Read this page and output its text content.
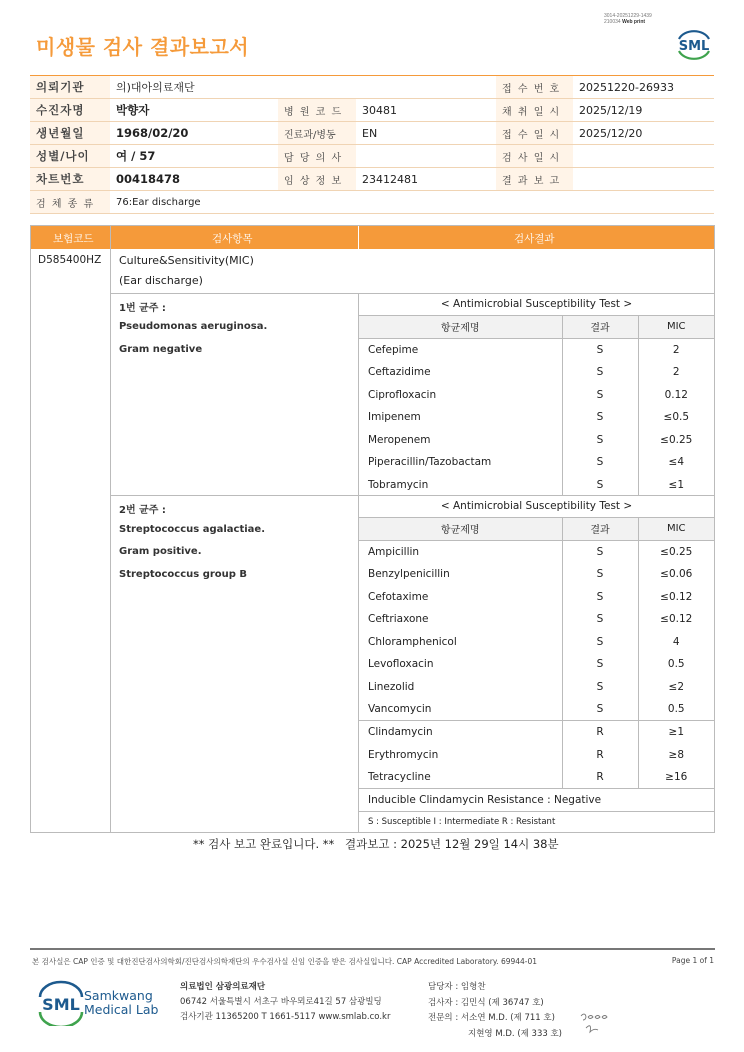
3014-20251229-1439
210034 Web print
SML
미생물 검사 결과보고서
의뢰기관	의)대아의료재단			접 수 번 호	20251220-26933
수진자명	박향자	병 원 코 드	30481	채 취 일 시	2025/12/19
생년월일	1968/02/20	진료과/병동	EN	접 수 일 시	2025/12/20
성별/나이	여 / 57	담 당 의 사		검 사 일 시	
차트번호	00418478	임 상 정 보	23412481	결 과 보 고	
검 체 종 류	76:Ear discharge				
보험코드	검사항목	검사결과
D585400HZ Culture&Sensitivity(MIC)
(Ear discharge)
1번 균주 :
Pseudomonas aeruginosa.
Gram negative
< Antimicrobial Susceptibility Test >		
항균제명	결과	MIC
Cefepime	S	2
Ceftazidime	S	2
Ciprofloxacin	S	0.12
Imipenem	S	≤0.5
Meropenem	S	≤0.25
Piperacillin/Tazobactam	S	≤4
Tobramycin	S	≤1
2번 균주 :
Streptococcus agalactiae.
Gram positive.
Streptococcus group B
< Antimicrobial Susceptibility Test >		
항균제명	결과	MIC
Ampicillin	S	≤0.25
Benzylpenicillin	S	≤0.06
Cefotaxime	S	≤0.12
Ceftriaxone	S	≤0.12
Chloramphenicol	S	4
Levofloxacin	S	0.5
Linezolid	S	≤2
Vancomycin	S	0.5
Clindamycin	R	≥1
Erythromycin	R	≥8
Tetracycline	R	≥16
Inducible Clindamycin Resistance : Negative		
S : Susceptible I : Intermediate R : Resistant		
** 검사 보고 완료입니다. ** 결과보고 : 2025년 12월 29일 14시 38분
본 검사실은 CAP 인증 및 대한진단검사의학회/진단검사의학재단의 우수검사실 신임 인증을 받은 검사실입니다. CAP Accredited Laboratory. 69944-01	Page 1 of 1
SML Samkwang
Medical Lab
의료법인 삼광의료재단
06742 서울특별시 서초구 바우뫼로41길 57 삼광빌딩
검사기관 11365200 T 1661-5117 www.smlab.co.kr
담당자 : 임형찬
검사자 : 김민식 (제 36747 호)
전문의 : 서소연 M.D. (제 711 호)
지현영 M.D. (제 333 호)
